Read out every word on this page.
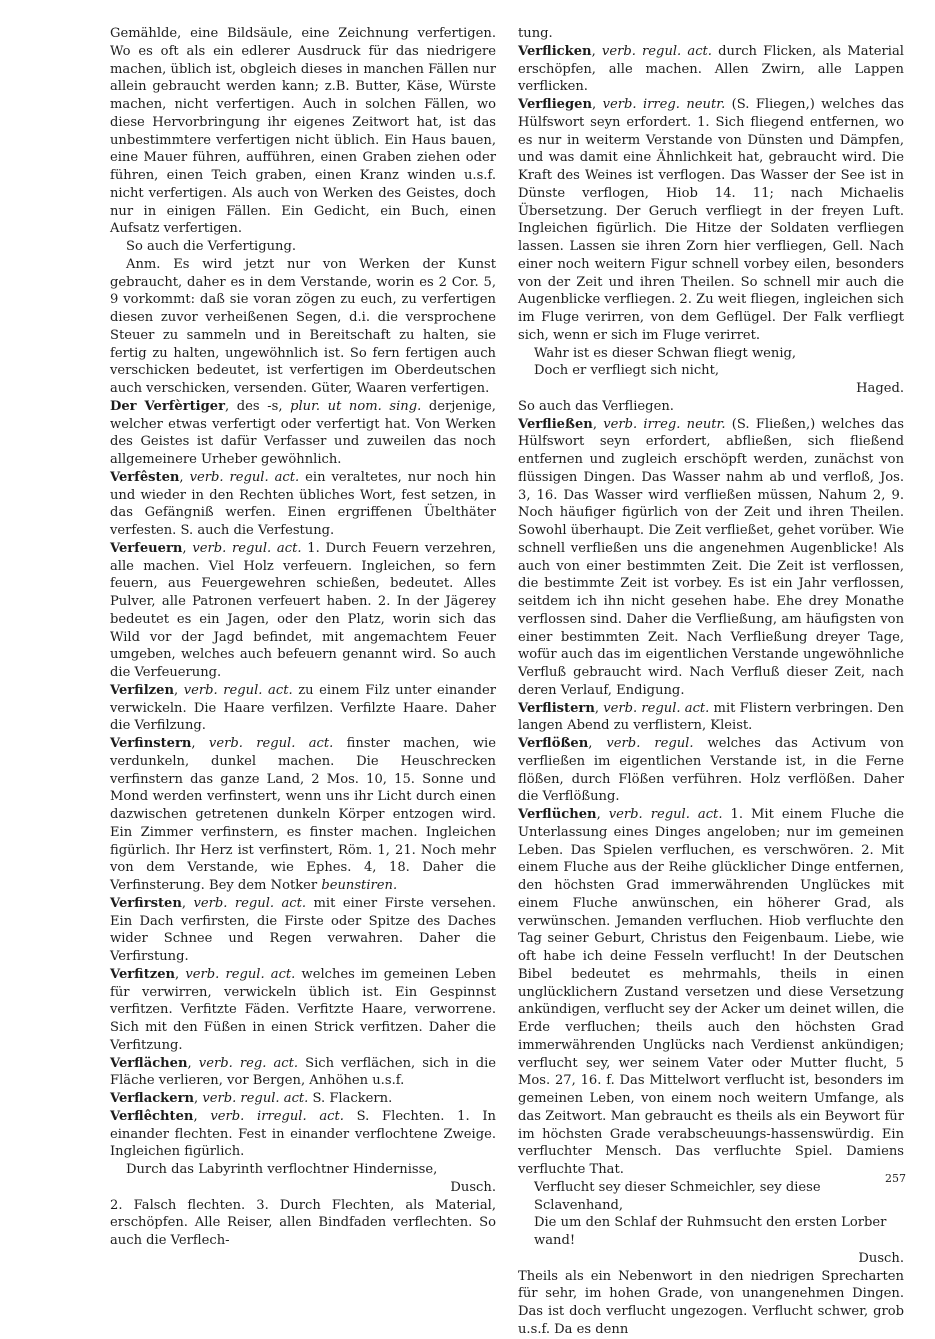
Gemählde, eine Bildsäule, eine Zeichnung verfertigen. Wo es oft als ein edlerer Ausdruck für das niedrigere machen, üblich ist, obgleich dieses in manchen Fällen nur allein gebraucht werden kann; z.B. Butter, Käse, Würste machen, nicht verfertigen. Auch in solchen Fällen, wo diese Hervorbringung ihr eigenes Zeitwort hat, ist das unbestimmtere verfertigen nicht üblich. Ein Haus bauen, eine Mauer führen, aufführen, einen Graben ziehen oder führen, einen Teich graben, einen Kranz winden u.s.f. nicht verfertigen. Als auch von Werken des Geistes, doch nur in einigen Fällen. Ein Gedicht, ein Buch, einen Aufsatz verfertigen.

So auch die Verfertigung.

Anm. Es wird jetzt nur von Werken der Kunst gebraucht, daher es in dem Verstande, worin es 2 Cor. 5, 9 vorkommt: daß sie voran zögen zu euch, zu verfertigen diesen zuvor verheißenen Segen, d.i. die versprochene Steuer zu sammeln und in Bereitschaft zu halten, sie fertig zu halten, ungewöhnlich ist. So fern fertigen auch verschicken bedeutet, ist verfertigen im Oberdeutschen auch verschicken, versenden. Güter, Waaren verfertigen.

Der Verfèrtiger, des -s, plur. ut nom. sing. derjenige, welcher etwas verfertigt oder verfertigt hat. Von Werken des Geistes ist dafür Verfasser und zuweilen das noch allgemeinere Urheber gewöhnlich.

Verfêsten, verb. regul. act. ein veraltetes, nur noch hin und wieder in den Rechten übliches Wort, fest setzen, in das Gefängniß werfen. Einen ergriffenen Übelthäter verfesten. S. auch die Verfestung.

Verfeuern, verb. regul. act. 1. Durch Feuern verzehren, alle machen. Viel Holz verfeuern. Ingleichen, so fern feuern, aus Feuergewehren schießen, bedeutet. Alles Pulver, alle Patronen verfeuert haben. 2. In der Jägerey bedeutet es ein Jagen, oder den Platz, worin sich das Wild vor der Jagd befindet, mit angemachtem Feuer umgeben, welches auch befeuern genannt wird. So auch die Verfeuerung.

Verfilzen, verb. regul. act. zu einem Filz unter einander verwickeln. Die Haare verfilzen. Verfilzte Haare. Daher die Verfilzung.

Verfinstern, verb. regul. act. finster machen, wie verdunkeln, dunkel machen. Die Heuschrecken verfinstern das ganze Land, 2 Mos. 10, 15. Sonne und Mond werden verfinstert, wenn uns ihr Licht durch einen dazwischen getretenen dunkeln Körper entzogen wird. Ein Zimmer verfinstern, es finster machen. Ingleichen figürlich. Ihr Herz ist verfinstert, Röm. 1, 21. Noch mehr von dem Verstande, wie Ephes. 4, 18. Daher die Verfinsterung. Bey dem Notker beunstiren.

Verfirsten, verb. regul. act. mit einer Firste versehen. Ein Dach verfirsten, die Firste oder Spitze des Daches wider Schnee und Regen verwahren. Daher die Verfirstung.

Verfitzen, verb. regul. act. welches im gemeinen Leben für verwirren, verwickeln üblich ist. Ein Gespinnst verfitzen. Verfitzte Fäden. Verfitzte Haare, verworrene. Sich mit den Füßen in einen Strick verfitzen. Daher die Verfitzung.

Verflächen, verb. reg. act. Sich verflächen, sich in die Fläche verlieren, vor Bergen, Anhöhen u.s.f.

Verflackern, verb. regul. act. S. Flackern.

Verflêchten, verb. irregul. act. S. Flechten. 1. In einander flechten. Fest in einander verflochtene Zweige. Ingleichen figürlich.

Durch das Labyrinth verflochtner Hindernisse,

Dusch.

2. Falsch flechten. 3. Durch Flechten, als Material, erschöpfen. Alle Reiser, allen Bindfaden verflechten. So auch die Verflech-

tung.

Verflicken, verb. regul. act. durch Flicken, als Material erschöpfen, alle machen. Allen Zwirn, alle Lappen verflicken.

Verfliegen, verb. irreg. neutr. (S. Fliegen,) welches das Hülfswort seyn erfordert. 1. Sich fliegend entfernen, wo es nur in weiterm Verstande von Dünsten und Dämpfen, und was damit eine Ähnlichkeit hat, gebraucht wird. Die Kraft des Weines ist verflogen. Das Wasser der See ist in Dünste verflogen, Hiob 14. 11; nach Michaelis Übersetzung. Der Geruch verfliegt in der freyen Luft. Ingleichen figürlich. Die Hitze der Soldaten verfliegen lassen. Lassen sie ihren Zorn hier verfliegen, Gell. Nach einer noch weitern Figur schnell vorbey eilen, besonders von der Zeit und ihren Theilen. So schnell mir auch die Augenblicke verfliegen. 2. Zu weit fliegen, ingleichen sich im Fluge verirren, von dem Geflügel. Der Falk verfliegt sich, wenn er sich im Fluge verirret.

Wahr ist es dieser Schwan fliegt wenig,

Doch er verfliegt sich nicht,

Haged.

So auch das Verfliegen.

Verfließen, verb. irreg. neutr. (S. Fließen,) welches das Hülfswort seyn erfordert, abfließen, sich fließend entfernen und zugleich erschöpft werden, zunächst von flüssigen Dingen. Das Wasser nahm ab und verfloß, Jos. 3, 16. Das Wasser wird verfließen müssen, Nahum 2, 9. Noch häufiger figürlich von der Zeit und ihren Theilen. Sowohl überhaupt. Die Zeit verfließet, gehet vorüber. Wie schnell verfließen uns die angenehmen Augenblicke! Als auch von einer bestimmten Zeit. Die Zeit ist verflossen, die bestimmte Zeit ist vorbey. Es ist ein Jahr verflossen, seitdem ich ihn nicht gesehen habe. Ehe drey Monathe verflossen sind. Daher die Verfließung, am häufigsten von einer bestimmten Zeit. Nach Verfließung dreyer Tage, wofür auch das im eigentlichen Verstande ungewöhnliche Verfluß gebraucht wird. Nach Verfluß dieser Zeit, nach deren Verlauf, Endigung.

Verflistern, verb. regul. act. mit Flistern verbringen. Den langen Abend zu verflistern, Kleist.

Verflößen, verb. regul. welches das Activum von verfließen im eigentlichen Verstande ist, in die Ferne flößen, durch Flößen verführen. Holz verflößen. Daher die Verflößung.

Verflüchen, verb. regul. act. 1. Mit einem Fluche die Unterlassung eines Dinges angeloben; nur im gemeinen Leben. Das Spielen verfluchen, es verschwören. 2. Mit einem Fluche aus der Reihe glücklicher Dinge entfernen, den höchsten Grad immerwährenden Unglückes mit einem Fluche anwünschen, ein höherer Grad, als verwünschen. Jemanden verfluchen. Hiob verfluchte den Tag seiner Geburt, Christus den Feigenbaum. Liebe, wie oft habe ich deine Fesseln verflucht! In der Deutschen Bibel bedeutet es mehrmahls, theils in einen unglücklichern Zustand versetzen und diese Versetzung ankündigen, verflucht sey der Acker um deinet willen, die Erde verfluchen; theils auch den höchsten Grad immerwährenden Unglücks nach Verdienst ankündigen; verflucht sey, wer seinem Vater oder Mutter flucht, 5 Mos. 27, 16. f. Das Mittelwort verflucht ist, besonders im gemeinen Leben, von einem noch weitern Umfange, als das Zeitwort. Man gebraucht es theils als ein Beywort für im höchsten Grade verabscheuungs-hassenswürdig. Ein verfluchter Mensch. Das verfluchte Spiel. Damiens verfluchte That.

Verflucht sey dieser Schmeichler, sey diese Sclavenhand,

Die um den Schlaf der Ruhmsucht den ersten Lorber wand!

Dusch.

Theils als ein Nebenwort in den niedrigen Sprecharten für sehr, im hohen Grade, von unangenehmen Dingen. Das ist doch verflucht ungezogen. Verflucht schwer, grob u.s.f. Da es denn

257
